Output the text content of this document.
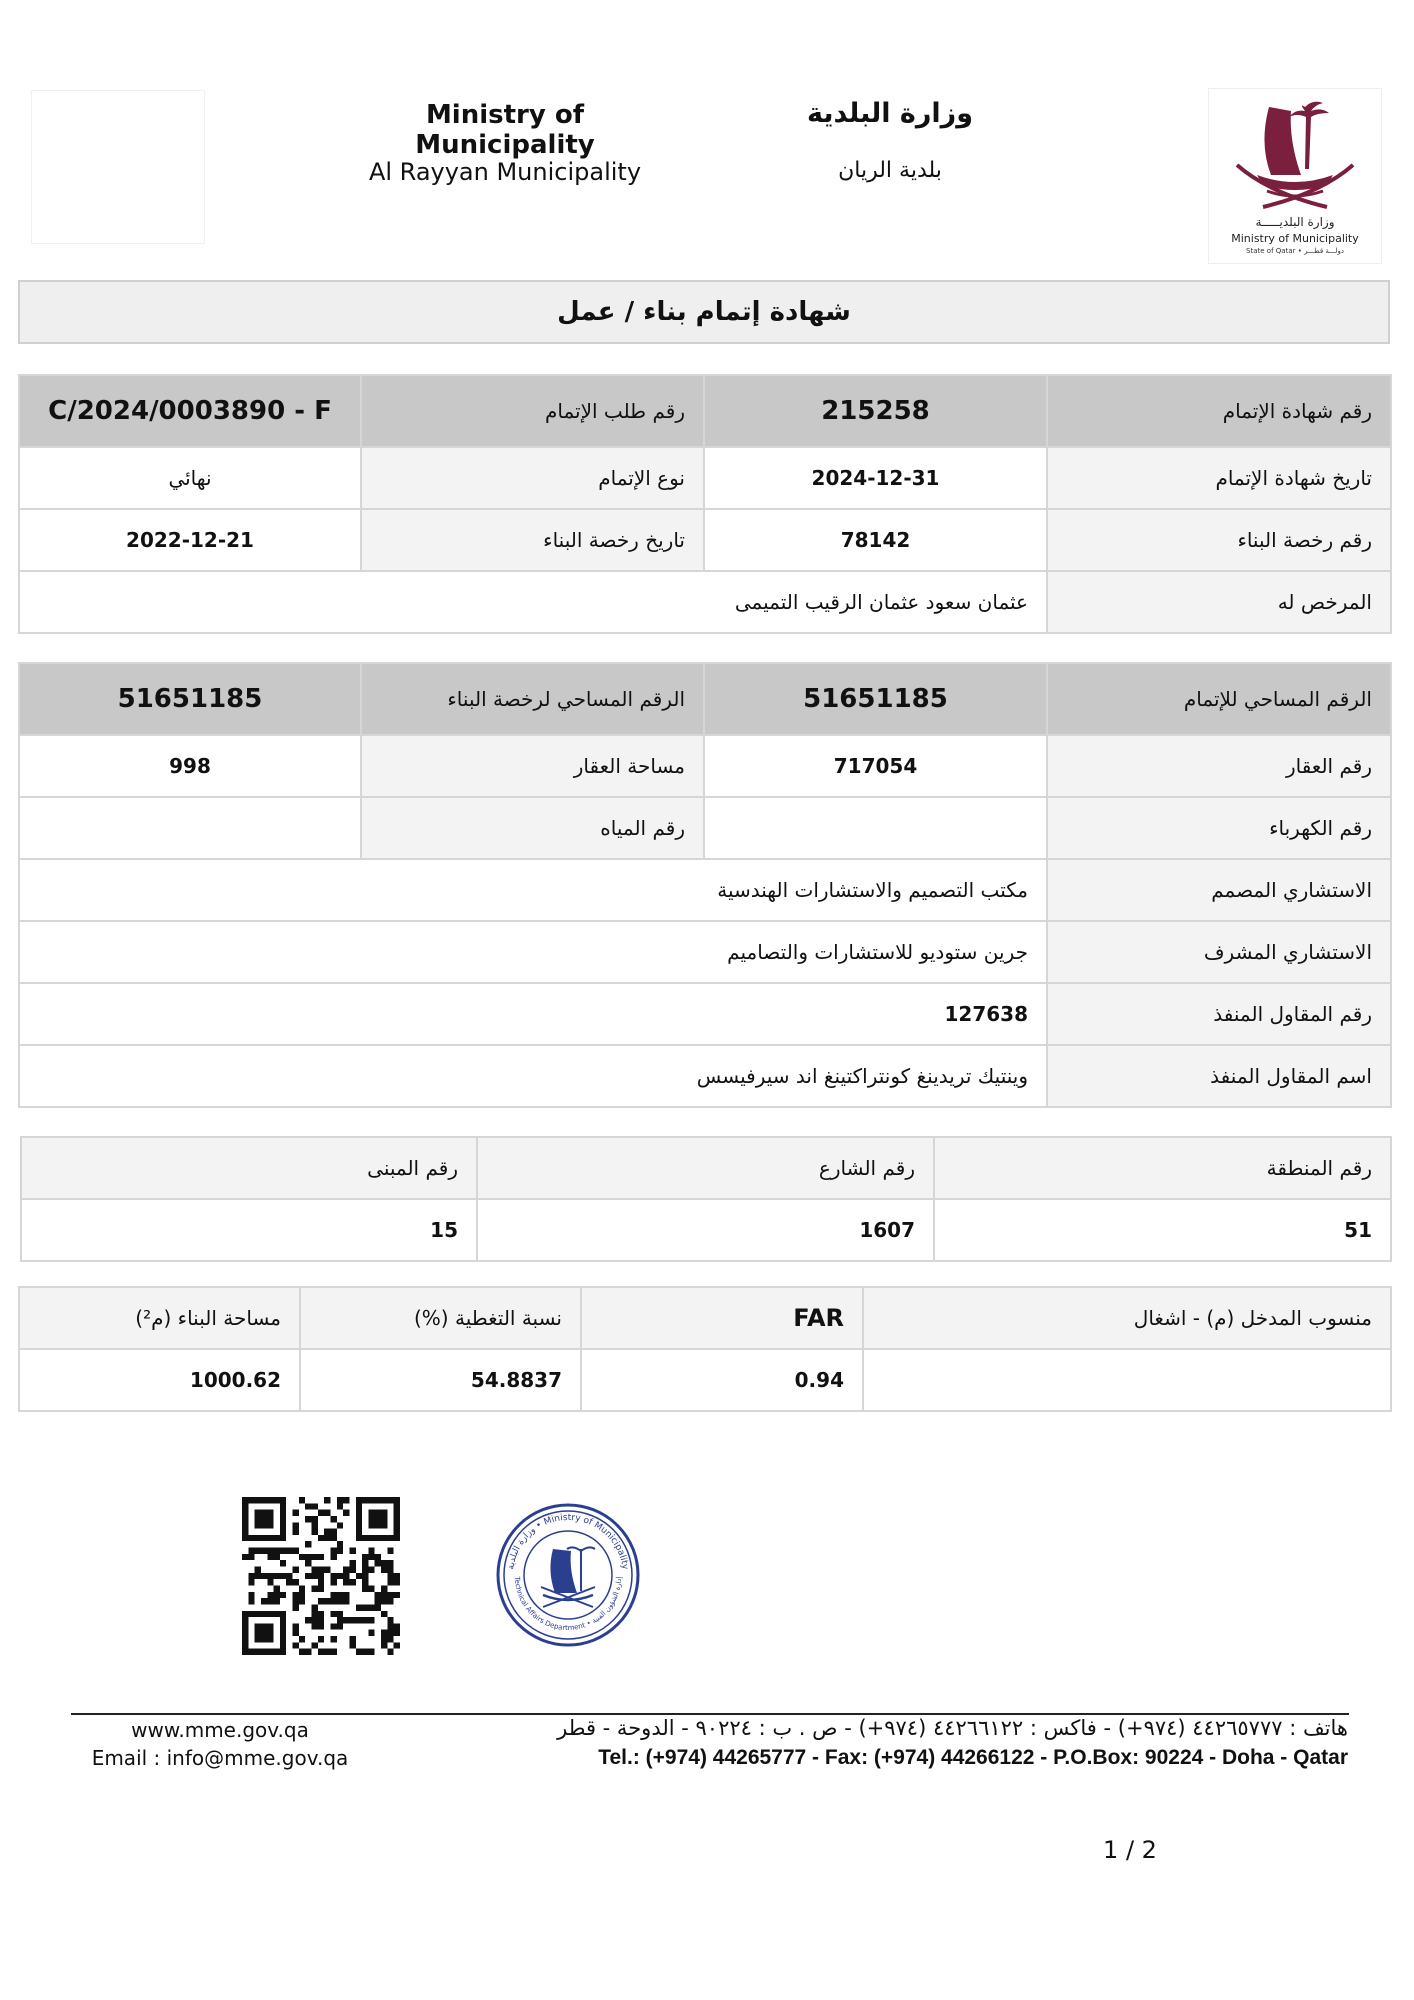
Ministry of Municipality
Al Rayyan Municipality
وزارة البلدية
بلدية الريان
وزارة البلديـــــة
Ministry of Municipality
State of Qatar • دولـــة قطـــر
شهادة إتمام بناء / عمل
C/2024/0003890 - F	رقم طلب الإتمام	215258	رقم شهادة الإتمام
نهائي	نوع الإتمام	2024-12-31	تاريخ شهادة الإتمام
2022-12-21	تاريخ رخصة البناء	78142	رقم رخصة البناء
عثمان سعود عثمان الرقيب التميمى			المرخص له
51651185	الرقم المساحي لرخصة البناء	51651185	الرقم المساحي للإتمام
998	مساحة العقار	717054	رقم العقار
	رقم المياه		رقم الكهرباء
مكتب التصميم والاستشارات الهندسية			الاستشاري المصمم
جرين ستوديو للاستشارات والتصاميم			الاستشاري المشرف
127638			رقم المقاول المنفذ
وينتيك تريدينغ كونتراكتينغ اند سيرفيسس			اسم المقاول المنفذ
رقم المبنى	رقم الشارع	رقم المنطقة
15	1607	51
مساحة البناء (م²)	نسبة التغطية (%)	FAR	منسوب المدخل (م) - اشغال
1000.62	54.8837	0.94	
وزارة البلدية • Ministry of Municipality
Technical Affairs Department • إدارة الشؤون الفنية
www.mme.gov.qa
Email : info@mme.gov.qa
هاتف : ٤٤٢٦٥٧٧٧ (٩٧٤+) - فاكس : ٤٤٢٦٦١٢٢ (٩٧٤+) - ص . ب : ٩٠٢٢٤ - الدوحة - قطر
Tel.: (+974) 44265777 - Fax: (+974) 44266122 - P.O.Box: 90224 - Doha - Qatar
1 / 2
